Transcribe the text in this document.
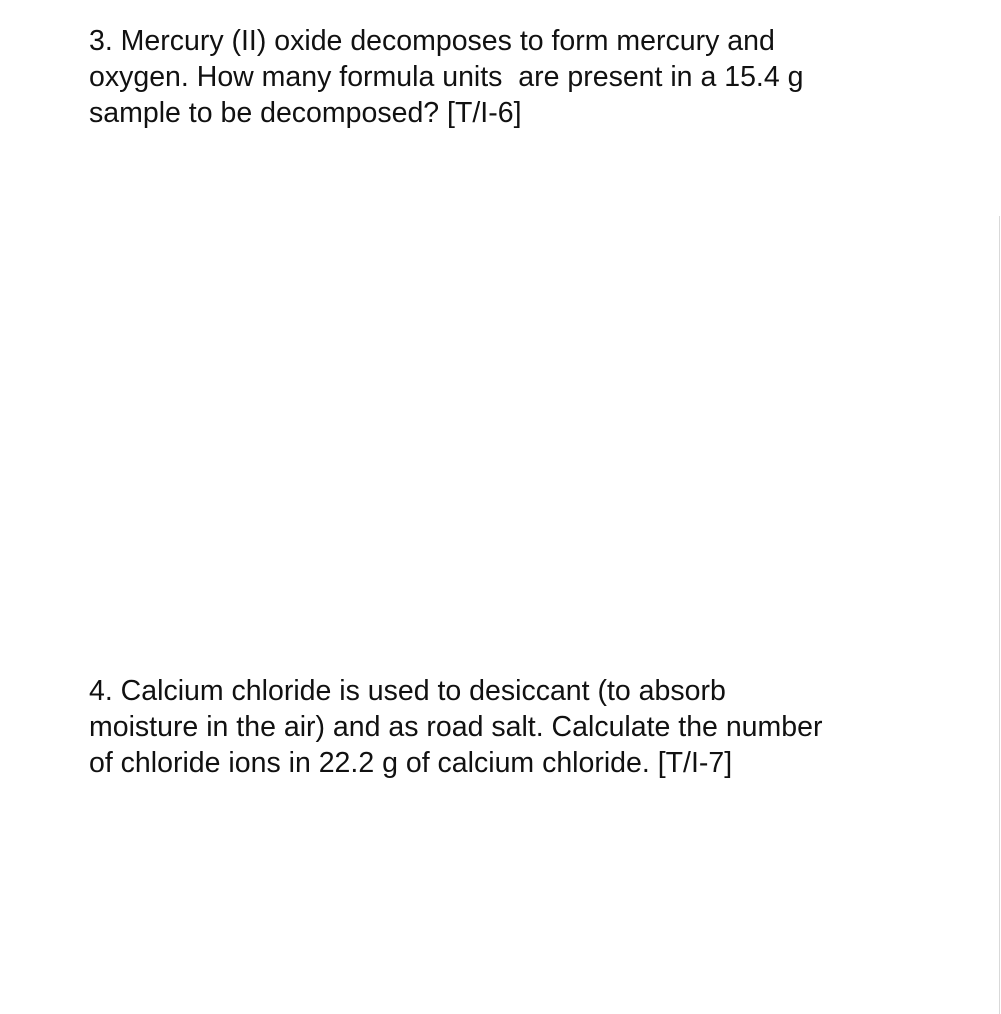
3. Mercury (II) oxide decomposes to form mercury and
oxygen. How many formula units  are present in a 15.4 g
sample to be decomposed? [T/I-6]
4. Calcium chloride is used to desiccant (to absorb
moisture in the air) and as road salt. Calculate the number
of chloride ions in 22.2 g of calcium chloride. [T/I-7]
